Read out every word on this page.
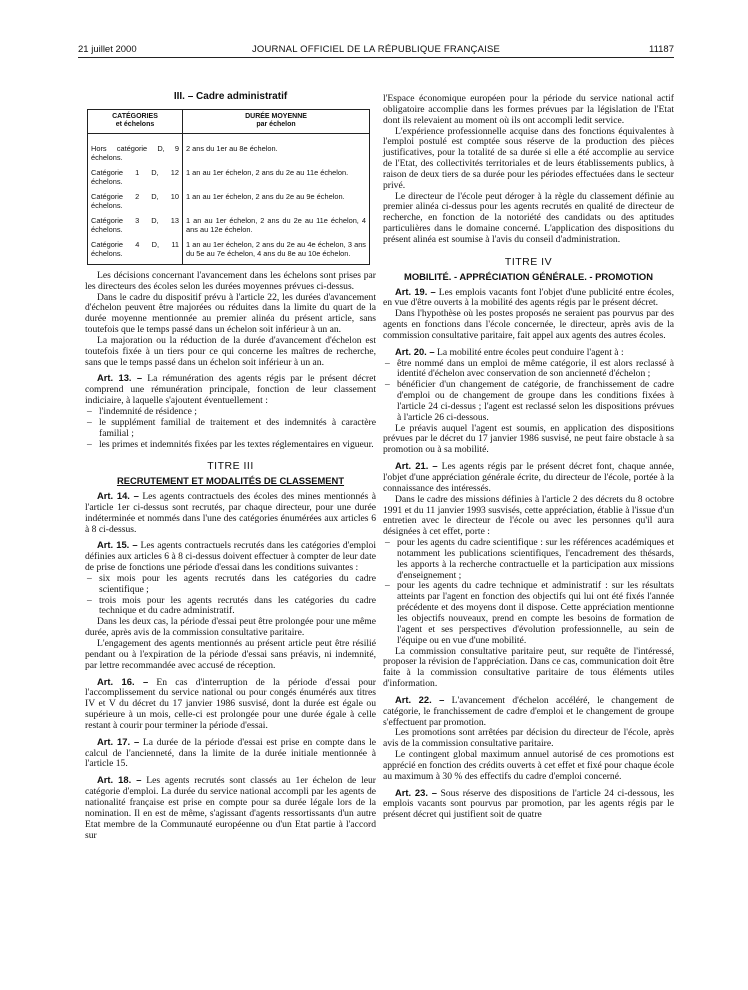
21 juillet 2000	JOURNAL OFFICIEL DE LA RÉPUBLIQUE FRANÇAISE	11187
III. – Cadre administratif
CATÉGORIES
et échelons	DURÉE MOYENNE
par échelon
Hors catégorie D, 9 échelons.	2 ans du 1er au 8e échelon.
Catégorie 1 D, 12 échelons.	1 an au 1er échelon, 2 ans du 2e au 11e échelon.
Catégorie 2 D, 10 échelons.	1 an au 1er échelon, 2 ans du 2e au 9e échelon.
Catégorie 3 D, 13 échelons.	1 an au 1er échelon, 2 ans du 2e au 11e échelon, 4 ans au 12e échelon.
Catégorie 4 D, 11 échelons.	1 an au 1er échelon, 2 ans du 2e au 4e échelon, 3 ans du 5e au 7e échelon, 4 ans du 8e au 10e échelon.

Les décisions concernant l'avancement dans les échelons sont prises par les directeurs des écoles selon les durées moyennes prévues ci-dessus.

Dans le cadre du dispositif prévu à l'article 22, les durées d'avancement d'échelon peuvent être majorées ou réduites dans la limite du quart de la durée moyenne mentionnée au premier alinéa du présent article, sans toutefois que le temps passé dans un échelon soit inférieur à un an.

La majoration ou la réduction de la durée d'avancement d'échelon est toutefois fixée à un tiers pour ce qui concerne les maîtres de recherche, sans que le temps passé dans un échelon soit inférieur à un an.

Art. 13. – La rémunération des agents régis par le présent décret comprend une rémunération principale, fonction de leur classement indiciaire, à laquelle s'ajoutent éventuellement :

– l'indemnité de résidence ;
– le supplément familial de traitement et des indemnités à caractère familial ;
– les primes et indemnités fixées par les textes réglementaires en vigueur.
TITRE III
RECRUTEMENT ET MODALITÉS DE CLASSEMENT

Art. 14. – Les agents contractuels des écoles des mines mentionnés à l'article 1er ci-dessus sont recrutés, par chaque directeur, pour une durée indéterminée et nommés dans l'une des catégories énumérées aux articles 6 à 8 ci-dessus.

Art. 15. – Les agents contractuels recrutés dans les catégories d'emploi définies aux articles 6 à 8 ci-dessus doivent effectuer à compter de leur date de prise de fonctions une période d'essai dans les conditions suivantes :

– six mois pour les agents recrutés dans les catégories du cadre scientifique ;
– trois mois pour les agents recrutés dans les catégories du cadre technique et du cadre administratif.

Dans les deux cas, la période d'essai peut être prolongée pour une même durée, après avis de la commission consultative paritaire.

L'engagement des agents mentionnés au présent article peut être résilié pendant ou à l'expiration de la période d'essai sans préavis, ni indemnité, par lettre recommandée avec accusé de réception.

Art. 16. – En cas d'interruption de la période d'essai pour l'accomplissement du service national ou pour congés énumérés aux titres IV et V du décret du 17 janvier 1986 susvisé, dont la durée est égale ou supérieure à un mois, celle-ci est prolongée pour une durée égale à celle restant à courir pour terminer la période d'essai.

Art. 17. – La durée de la période d'essai est prise en compte dans le calcul de l'ancienneté, dans la limite de la durée initiale mentionnée à l'article 15.

Art. 18. – Les agents recrutés sont classés au 1er échelon de leur catégorie d'emploi. La durée du service national accompli par les agents de nationalité française est prise en compte pour sa durée légale lors de la nomination. Il en est de même, s'agissant d'agents ressortissants d'un autre Etat membre de la Communauté européenne ou d'un Etat partie à l'accord sur

l'Espace économique européen pour la période du service national actif obligatoire accomplie dans les formes prévues par la législation de l'Etat dont ils relevaient au moment où ils ont accompli ledit service.

L'expérience professionnelle acquise dans des fonctions équivalentes à l'emploi postulé est comptée sous réserve de la production des pièces justificatives, pour la totalité de sa durée si elle a été accomplie au service de l'Etat, des collectivités territoriales et de leurs établissements publics, à raison de deux tiers de sa durée pour les périodes effectuées dans le secteur privé.

Le directeur de l'école peut déroger à la règle du classement définie au premier alinéa ci-dessus pour les agents recrutés en qualité de directeur de recherche, en fonction de la notoriété des candidats ou des aptitudes particulières dans le domaine concerné. L'application des dispositions du présent alinéa est soumise à l'avis du conseil d'administration.

TITRE IV
MOBILITÉ. - APPRÉCIATION GÉNÉRALE. - PROMOTION

Art. 19. – Les emplois vacants font l'objet d'une publicité entre écoles, en vue d'être ouverts à la mobilité des agents régis par le présent décret.

Dans l'hypothèse où les postes proposés ne seraient pas pourvus par des agents en fonctions dans l'école concernée, le directeur, après avis de la commission consultative paritaire, fait appel aux agents des autres écoles.

Art. 20. – La mobilité entre écoles peut conduire l'agent à :

– être nommé dans un emploi de même catégorie, il est alors reclassé à identité d'échelon avec conservation de son ancienneté d'échelon ;
– bénéficier d'un changement de catégorie, de franchissement de cadre d'emploi ou de changement de groupe dans les conditions fixées à l'article 24 ci-dessus ; l'agent est reclassé selon les dispositions prévues à l'article 26 ci-dessous.

Le préavis auquel l'agent est soumis, en application des dispositions prévues par le décret du 17 janvier 1986 susvisé, ne peut faire obstacle à sa promotion ou à sa mobilité.

Art. 21. – Les agents régis par le présent décret font, chaque année, l'objet d'une appréciation générale écrite, du directeur de l'école, portée à la connaissance des intéressés.

Dans le cadre des missions définies à l'article 2 des décrets du 8 octobre 1991 et du 11 janvier 1993 susvisés, cette appréciation, établie à l'issue d'un entretien avec le directeur de l'école ou avec les personnes qu'il aura désignées à cet effet, porte :

– pour les agents du cadre scientifique : sur les références académiques et notamment les publications scientifiques, l'encadrement des thésards, les apports à la recherche contractuelle et la participation aux missions d'enseignement ;
– pour les agents du cadre technique et administratif : sur les résultats atteints par l'agent en fonction des objectifs qui lui ont été fixés l'année précédente et des moyens dont il dispose. Cette appréciation mentionne les objectifs nouveaux, prend en compte les besoins de formation de l'agent et ses perspectives d'évolution professionnelle, au sein de l'équipe ou en vue d'une mobilité.

La commission consultative paritaire peut, sur requête de l'intéressé, proposer la révision de l'appréciation. Dans ce cas, communication doit être faite à la commission consultative paritaire de tous éléments utiles d'information.

Art. 22. – L'avancement d'échelon accéléré, le changement de catégorie, le franchissement de cadre d'emploi et le changement de groupe s'effectuent par promotion.

Les promotions sont arrêtées par décision du directeur de l'école, après avis de la commission consultative paritaire.

Le contingent global maximum annuel autorisé de ces promotions est apprécié en fonction des crédits ouverts à cet effet et fixé pour chaque école au maximum à 30 % des effectifs du cadre d'emploi concerné.

Art. 23. – Sous réserve des dispositions de l'article 24 ci-dessous, les emplois vacants sont pourvus par promotion, par les agents régis par le présent décret qui justifient soit de quatre
